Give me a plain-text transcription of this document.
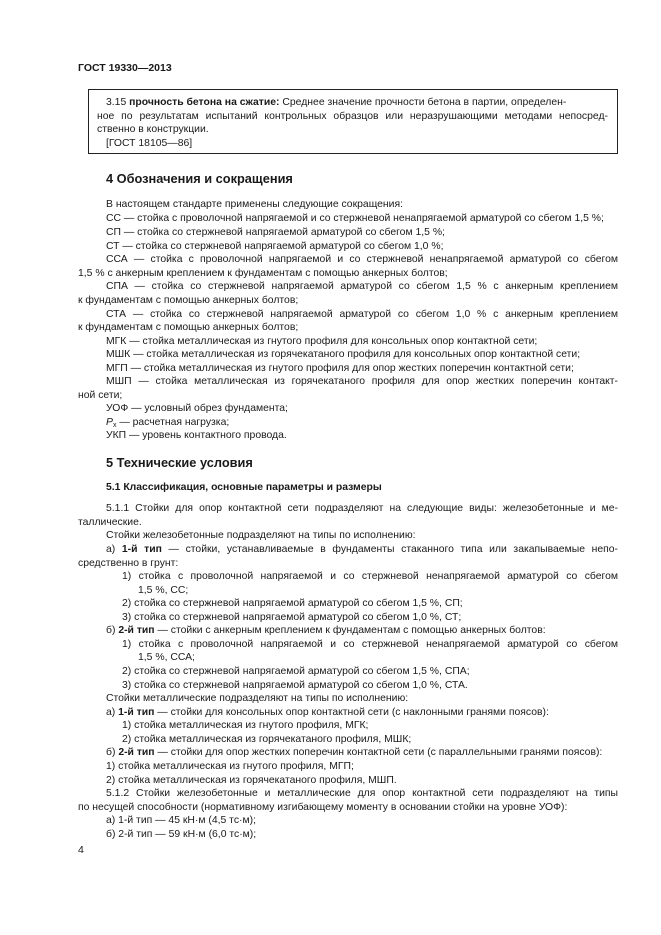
ГОСТ 19330—2013
3.15 прочность бетона на сжатие: Среднее значение прочности бетона в партии, определен-
ное по результатам испытаний контрольных образцов или неразрушающими методами непосред-
ственно в конструкции.
[ГОСТ 18105—86]
4 Обозначения и сокращения
В настоящем стандарте применены следующие сокращения:
СС — стойка с проволочной напрягаемой и со стержневой ненапрягаемой арматурой со сбегом 1,5 %;
СП — стойка со стержневой напрягаемой арматурой со сбегом 1,5 %;
СТ — стойка со стержневой напрягаемой арматурой со сбегом 1,0 %;
ССА — стойка с проволочной напрягаемой и со стержневой ненапрягаемой арматурой со сбегом
1,5 % с анкерным креплением к фундаментам с помощью анкерных болтов;
СПА — стойка со стержневой напрягаемой арматурой со сбегом 1,5 % с анкерным креплением
к фундаментам с помощью анкерных болтов;
СТА — стойка со стержневой напрягаемой арматурой со сбегом 1,0 % с анкерным креплением
к фундаментам с помощью анкерных болтов;
МГК — стойка металлическая из гнутого профиля для консольных опор контактной сети;
МШК — стойка металлическая из горячекатаного профиля для консольных опор контактной сети;
МГП — стойка металлическая из гнутого профиля для опор жестких поперечин контактной сети;
МШП — стойка металлическая из горячекатаного профиля для опор жестких поперечин контакт-
ной сети;
УОФ — условный обрез фундамента;
$P_x$ — расчетная нагрузка;
УКП — уровень контактного провода.
5 Технические условия
5.1 Классификация, основные параметры и размеры
5.1.1 Стойки для опор контактной сети подразделяют на следующие виды: железобетонные и ме-
таллические.
Стойки железобетонные подразделяют на типы по исполнению:
а) 1-й тип — стойки, устанавливаемые в фундаменты стаканного типа или закапываемые непо-
средственно в грунт:
1) стойка с проволочной напрягаемой и со стержневой ненапрягаемой арматурой со сбегом
1,5 %, СС;
2) стойка со стержневой напрягаемой арматурой со сбегом 1,5 %, СП;
3) стойка со стержневой напрягаемой арматурой со сбегом 1,0 %, СТ;
б) 2-й тип — стойки с анкерным креплением к фундаментам с помощью анкерных болтов:
1) стойка с проволочной напрягаемой и со стержневой ненапрягаемой арматурой со сбегом
1,5 %, ССА;
2) стойка со стержневой напрягаемой арматурой со сбегом 1,5 %, СПА;
3) стойка со стержневой напрягаемой арматурой со сбегом 1,0 %, СТА.
Стойки металлические подразделяют на типы по исполнению:
а) 1-й тип — стойки для консольных опор контактной сети (с наклонными гранями поясов):
1) стойка металлическая из гнутого профиля, МГК;
2) стойка металлическая из горячекатаного профиля, МШК;
б) 2-й тип — стойки для опор жестких поперечин контактной сети (с параллельными гранями поясов):
1) стойка металлическая из гнутого профиля, МГП;
2) стойка металлическая из горячекатаного профиля, МШП.
5.1.2 Стойки железобетонные и металлические для опор контактной сети подразделяют на типы
по несущей способности (нормативному изгибающему моменту в основании стойки на уровне УОФ):
а) 1-й тип — 45 кН·м (4,5 тс·м);
б) 2-й тип — 59 кН·м (6,0 тс·м);
4
